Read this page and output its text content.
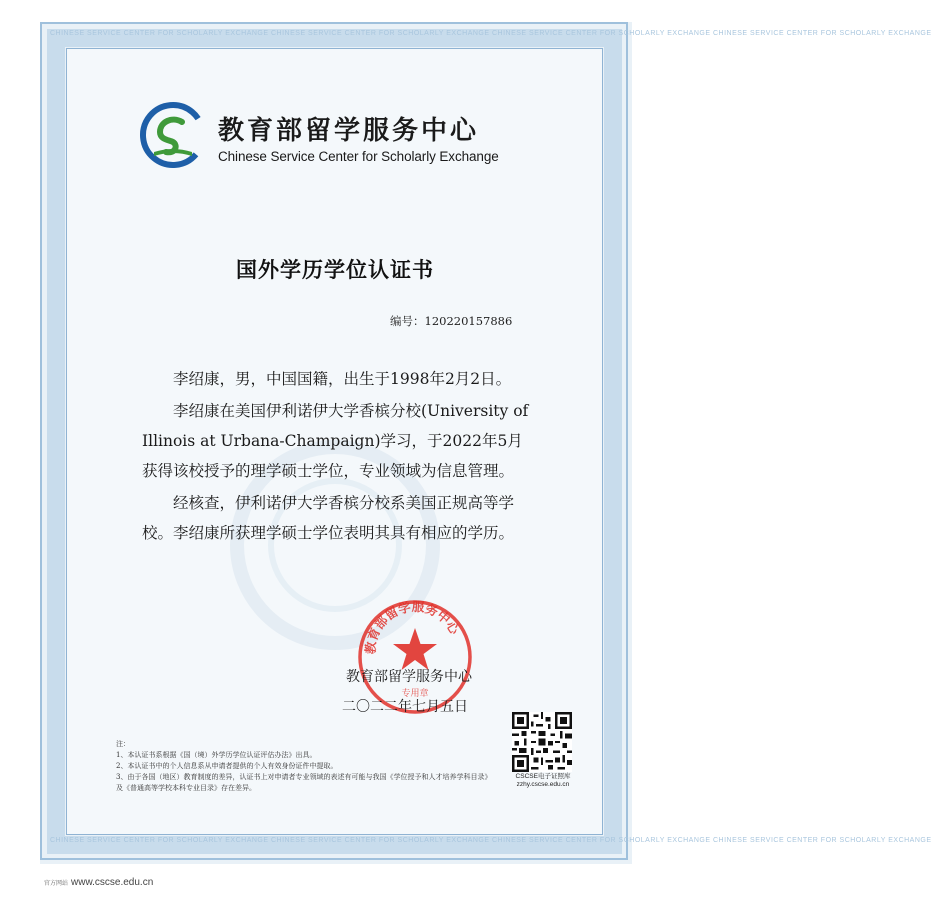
CHINESE SERVICE CENTER FOR SCHOLARLY EXCHANGE CHINESE SERVICE CENTER FOR SCHOLARLY EXCHANGE CHINESE SERVICE CENTER FOR SCHOLARLY EXCHANGE CHINESE SERVICE CENTER FOR SCHOLARLY EXCHANGE
CHINESE SERVICE CENTER FOR SCHOLARLY EXCHANGE CHINESE SERVICE CENTER FOR SCHOLARLY EXCHANGE CHINESE SERVICE CENTER FOR SCHOLARLY EXCHANGE CHINESE SERVICE CENTER FOR SCHOLARLY EXCHANGE
教育部留学服务中心
Chinese Service Center for Scholarly Exchange
国外学历学位认证书
编号：120220157886

李绍康，男，中国国籍，出生于1998年2月2日。

李绍康在美国伊利诺伊大学香槟分校(University of Illinois at Urbana-Champaign)学习，于2022年5月获得该校授予的理学硕士学位，专业领域为信息管理。

经核查，伊利诺伊大学香槟分校系美国正规高等学校。李绍康所获理学硕士学位表明其具有相应的学历。

教育部留学服务中心
专用章
教育部留学服务中心
二〇二二年七月五日
CSCSE电子证照库
zzhy.cscse.edu.cn

注：

1、本认证书系根据《国（境）外学历学位认证评估办法》出具。

2、本认证书中的个人信息系从申请者提供的个人有效身份证件中提取。

3、由于各国（地区）教育制度的差异，认证书上对申请者专业领域的表述有可能与我国《学位授予和人才培养学科目录》及《普通高等学校本科专业目录》存在差异。

官方网站 www.cscse.edu.cn
